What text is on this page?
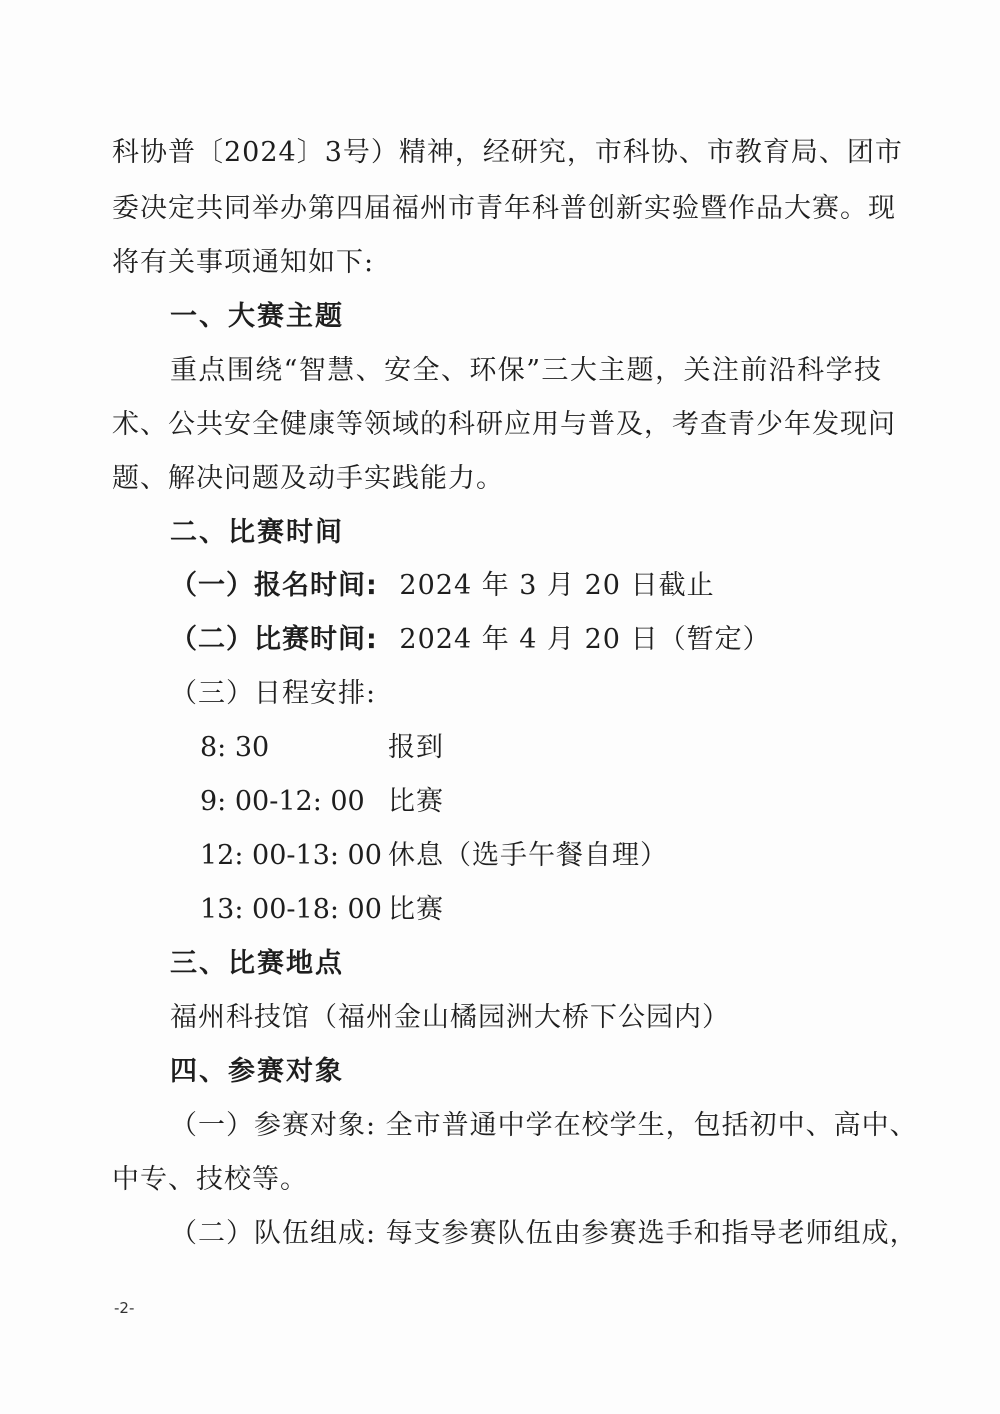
科协普〔2024〕3号）精神，经研究，市科协、市教育局、团市
委决定共同举办第四届福州市青年科普创新实验暨作品大赛。现
将有关事项通知如下:
一、大赛主题
重点围绕“智慧、安全、环保”三大主题，关注前沿科学技
术、公共安全健康等领域的科研应用与普及，考查青少年发现问
题、解决问题及动手实践能力。
二、比赛时间
（一）报名时间: 2024 年 3 月 20 日截止
（二）比赛时间: 2024 年 4 月 20 日（暂定）
（三）日程安排:
8: 30	报到
9: 00-12: 00 比赛
12: 00-13: 00 休息（选手午餐自理）
13: 00-18: 00 比赛
三、比赛地点
福州科技馆（福州金山橘园洲大桥下公园内）
四、参赛对象
（一）参赛对象: 全市普通中学在校学生，包括初中、高中、
中专、技校等。
（二）队伍组成: 每支参赛队伍由参赛选手和指导老师组成，
-2-
